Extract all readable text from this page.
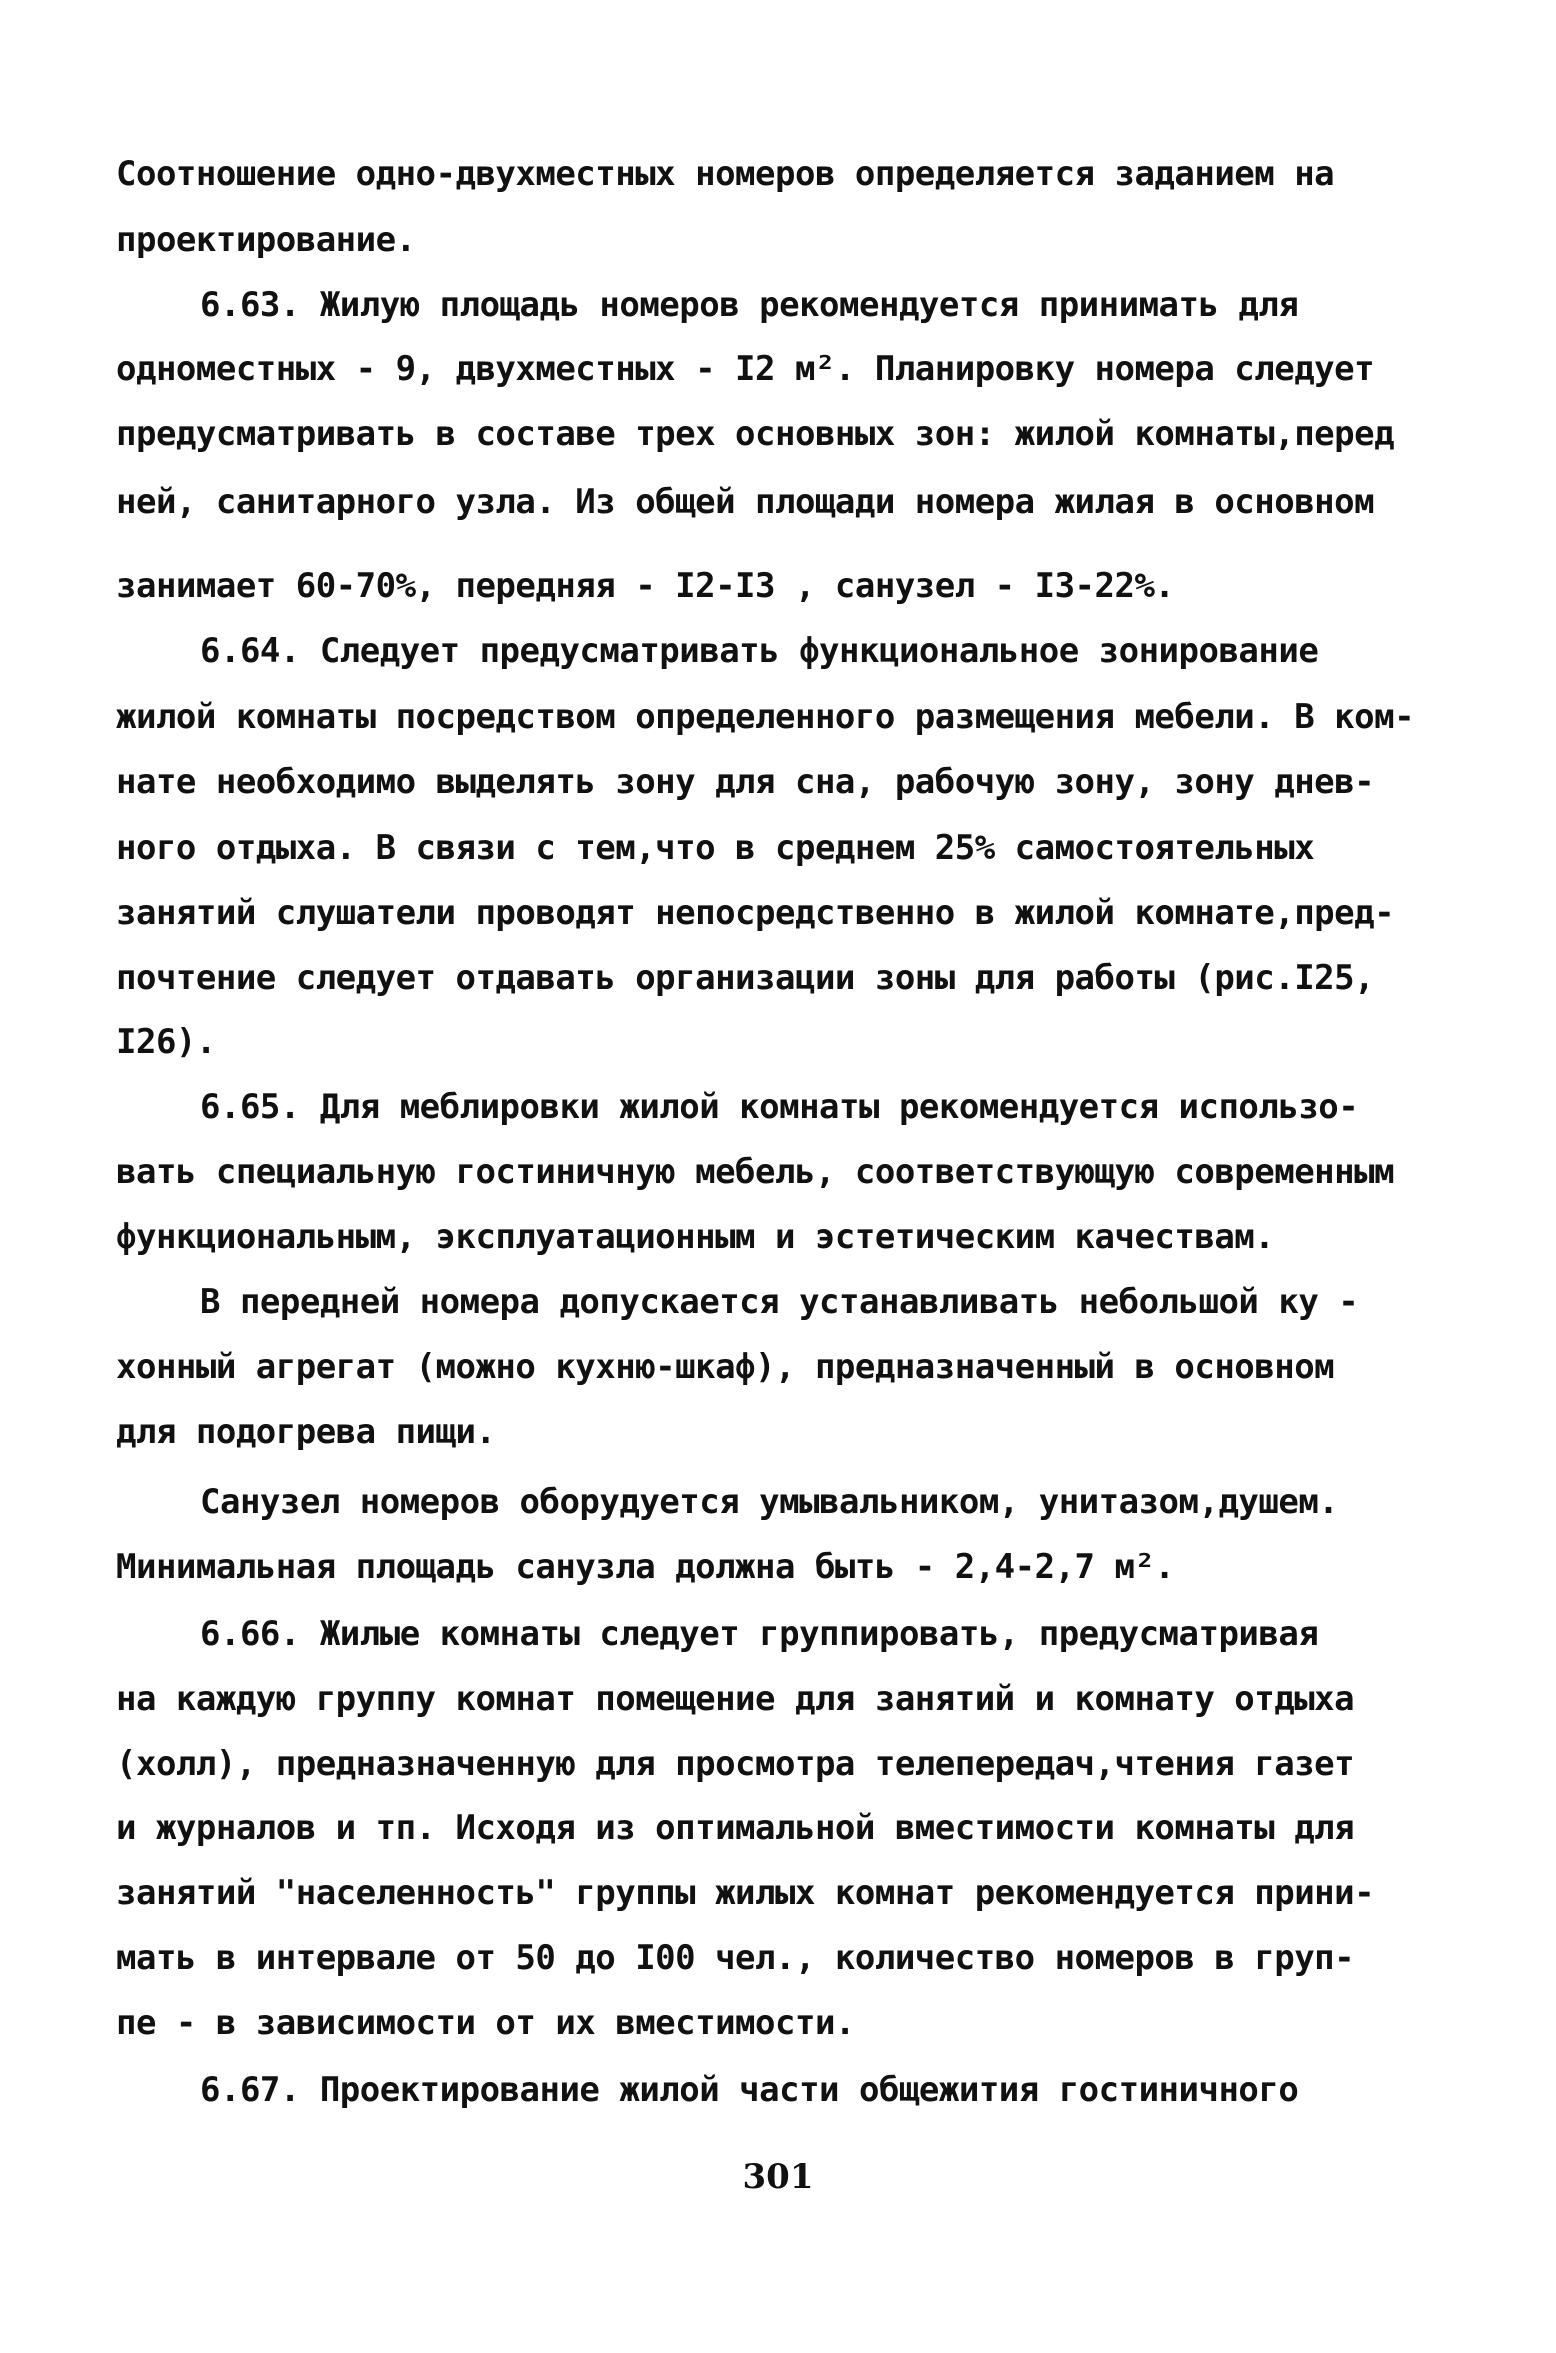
Соотношение одно-двухместных номеров определяется заданием на
проектирование.
6.63. Жилую площадь номеров рекомендуется принимать для
одноместных - 9, двухместных - I2 м². Планировку номера следует
предусматривать в составе трех основных зон: жилой комнаты,перед
ней, санитарного узла. Из общей площади номера жилая в основном
занимает 60-70%, передняя - I2-I3 , санузел - I3-22%.
6.64. Следует предусматривать функциональное зонирование
жилой комнаты посредством определенного размещения мебели. В ком-
нате необходимо выделять зону для сна, рабочую зону, зону днев-
ного отдыха. В связи с тем,что в среднем 25% самостоятельных
занятий слушатели проводят непосредственно в жилой комнате,пред-
почтение следует отдавать организации зоны для работы (рис.I25,
I26).
6.65. Для меблировки жилой комнаты рекомендуется использо-
вать специальную гостиничную мебель, соответствующую современным
функциональным, эксплуатационным и эстетическим качествам.
В передней номера допускается устанавливать небольшой ку -
хонный агрегат (можно кухню-шкаф), предназначенный в основном
для подогрева пищи.
Санузел номеров оборудуется умывальником, унитазом,душем.
Минимальная площадь санузла должна быть - 2,4-2,7 м².
6.66. Жилые комнаты следует группировать, предусматривая
на каждую группу комнат помещение для занятий и комнату отдыха
(холл), предназначенную для просмотра телепередач,чтения газет
и журналов и тп. Исходя из оптимальной вместимости комнаты для
занятий "населенность" группы жилых комнат рекомендуется прини-
мать в интервале от 50 до I00 чел., количество номеров в груп-
пе - в зависимости от их вместимости.
6.67. Проектирование жилой части общежития гостиничного
301
